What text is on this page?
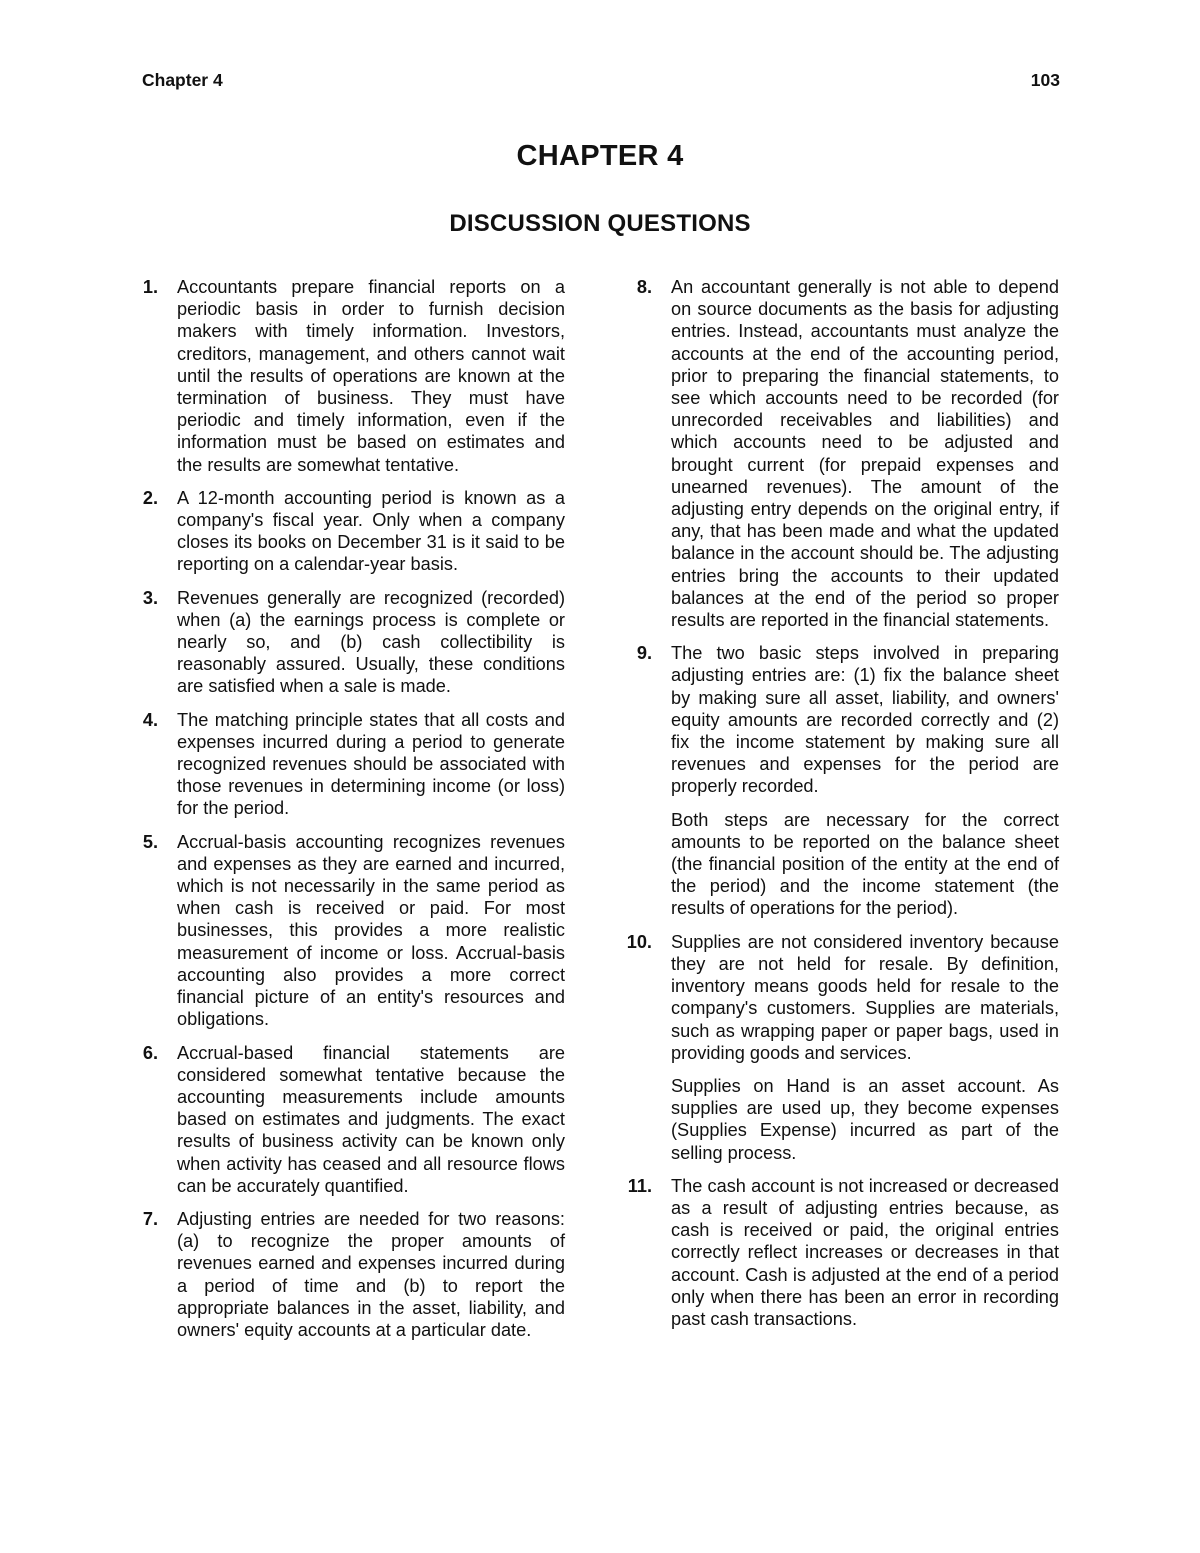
Chapter 4	103
CHAPTER 4
DISCUSSION QUESTIONS
1. Accountants prepare financial reports on a periodic basis in order to furnish decision makers with timely information. Investors, creditors, management, and others cannot wait until the results of operations are known at the termination of business. They must have periodic and timely information, even if the information must be based on estimates and the results are somewhat tentative.

2. A 12-month accounting period is known as a company's fiscal year. Only when a company closes its books on December 31 is it said to be reporting on a calendar-year basis.

3. Revenues generally are recognized (recorded) when (a) the earnings process is complete or nearly so, and (b) cash collectibility is reasonably assured. Usually, these conditions are satisfied when a sale is made.

4. The matching principle states that all costs and expenses incurred during a period to generate recognized revenues should be associated with those revenues in determining income (or loss) for the period.

5. Accrual-basis accounting recognizes revenues and expenses as they are earned and incurred, which is not necessarily in the same period as when cash is received or paid. For most businesses, this provides a more realistic measurement of income or loss. Accrual-basis accounting also provides a more correct financial picture of an entity's resources and obligations.

6. Accrual-based financial statements are considered somewhat tentative because the accounting measurements include amounts based on estimates and judgments. The exact results of business activity can be known only when activity has ceased and all resource flows can be accurately quantified.

7. Adjusting entries are needed for two reasons: (a) to recognize the proper amounts of revenues earned and expenses incurred during a period of time and (b) to report the appropriate balances in the asset, liability, and owners' equity accounts at a particular date.

8. An accountant generally is not able to depend on source documents as the basis for adjusting entries. Instead, accountants must analyze the accounts at the end of the accounting period, prior to preparing the financial statements, to see which accounts need to be recorded (for unrecorded receivables and liabilities) and which accounts need to be adjusted and brought current (for prepaid expenses and unearned revenues). The amount of the adjusting entry depends on the original entry, if any, that has been made and what the updated balance in the account should be. The adjusting entries bring the accounts to their updated balances at the end of the period so proper results are reported in the financial statements.

9. The two basic steps involved in preparing adjusting entries are: (1) fix the balance sheet by making sure all asset, liability, and owners' equity amounts are recorded correctly and (2) fix the income statement by making sure all revenues and expenses for the period are properly recorded.

Both steps are necessary for the correct amounts to be reported on the balance sheet (the financial position of the entity at the end of the period) and the income statement (the results of operations for the period).

10. Supplies are not considered inventory because they are not held for resale. By definition, inventory means goods held for resale to the company's customers. Supplies are materials, such as wrapping paper or paper bags, used in providing goods and services.

Supplies on Hand is an asset account. As supplies are used up, they become expenses (Supplies Expense) incurred as part of the selling process.

11. The cash account is not increased or decreased as a result of adjusting entries because, as cash is received or paid, the original entries correctly reflect increases or decreases in that account. Cash is adjusted at the end of a period only when there has been an error in recording past cash transactions.
